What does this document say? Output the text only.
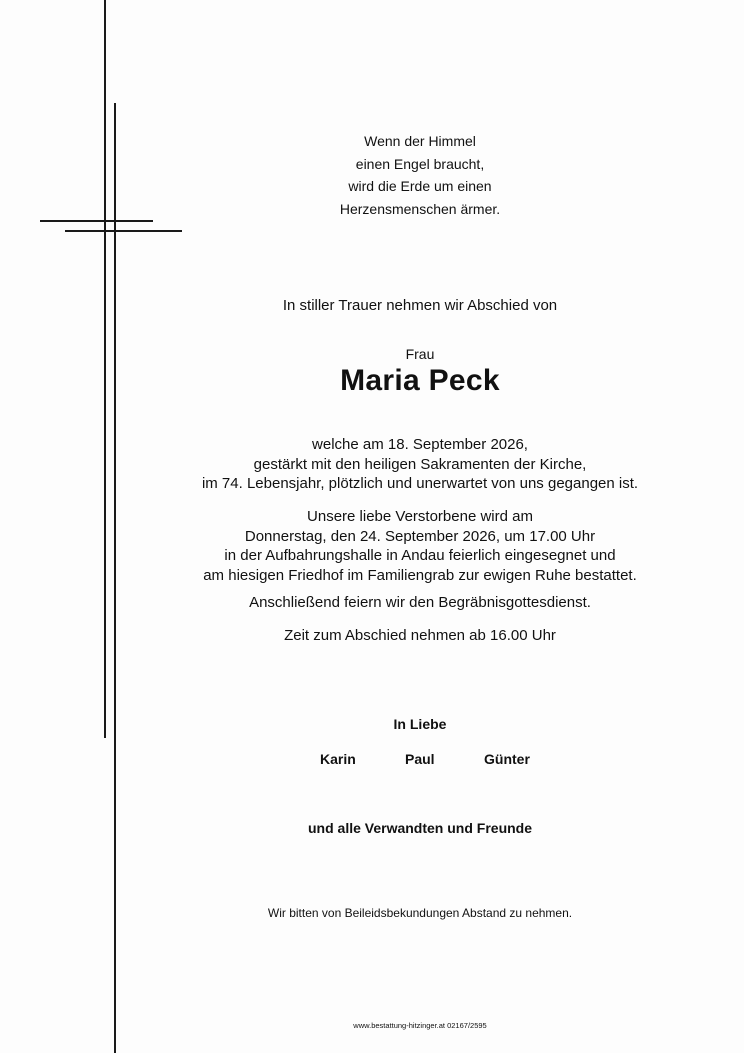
Wenn der Himmel
einen Engel braucht,
wird die Erde um einen
Herzensmenschen ärmer.
In stiller Trauer nehmen wir Abschied von
Frau
Maria Peck
welche am 18. September 2026,
gestärkt mit den heiligen Sakramenten der Kirche,
im 74. Lebensjahr, plötzlich und unerwartet von uns gegangen ist.
Unsere liebe Verstorbene wird am
Donnerstag, den 24. September 2026, um 17.00 Uhr
in der Aufbahrungshalle in Andau feierlich eingesegnet und
am hiesigen Friedhof im Familiengrab zur ewigen Ruhe bestattet.
Anschließend feiern wir den Begräbnisgottesdienst.
Zeit zum Abschied nehmen ab 16.00 Uhr
In Liebe
Karin	Paul	Günter
und alle Verwandten und Freunde
Wir bitten von Beileidsbekundungen Abstand zu nehmen.
www.bestattung-hitzinger.at 02167/2595
